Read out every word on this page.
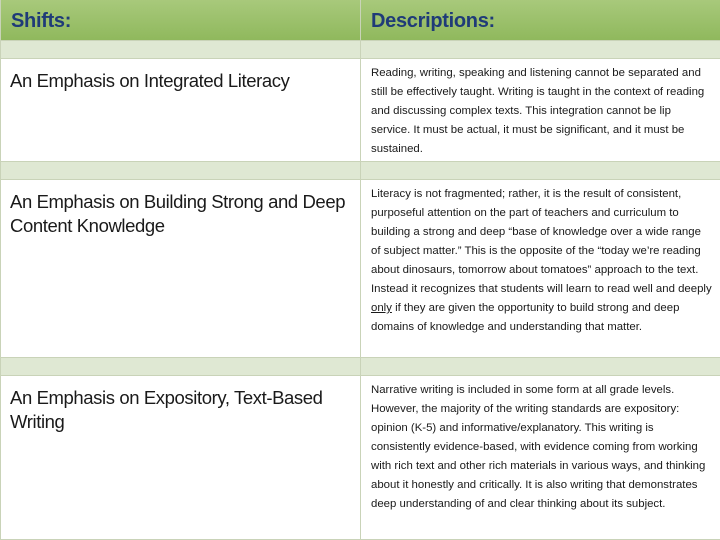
Shifts:	Descriptions:
An Emphasis on Integrated Literacy	Reading, writing, speaking and listening cannot be separated and still be effectively taught. Writing is taught in the context of reading and discussing complex texts. This integration cannot be lip service. It must be actual, it must be significant, and it must be sustained.
An Emphasis on Building Strong and Deep Content Knowledge
Literacy is not fragmented; rather, it is the result of consistent, purposeful attention on the part of teachers and curriculum to building a strong and deep “base of knowledge over a wide range of subject matter.” This is the opposite of the “today we’re reading about dinosaurs, tomorrow about tomatoes” approach to the text. Instead it recognizes that students will learn to read well and deeply only if they are given the opportunity to build strong and deep domains of knowledge and understanding that matter.
An Emphasis on Expository, Text-Based Writing
Narrative writing is included in some form at all grade levels. However, the majority of the writing standards are expository: opinion (K-5) and informative/explanatory. This writing is consistently evidence-based, with evidence coming from working with rich text and other rich materials in various ways, and thinking about it honestly and critically. It is also writing that demonstrates deep understanding of and clear thinking about its subject.
